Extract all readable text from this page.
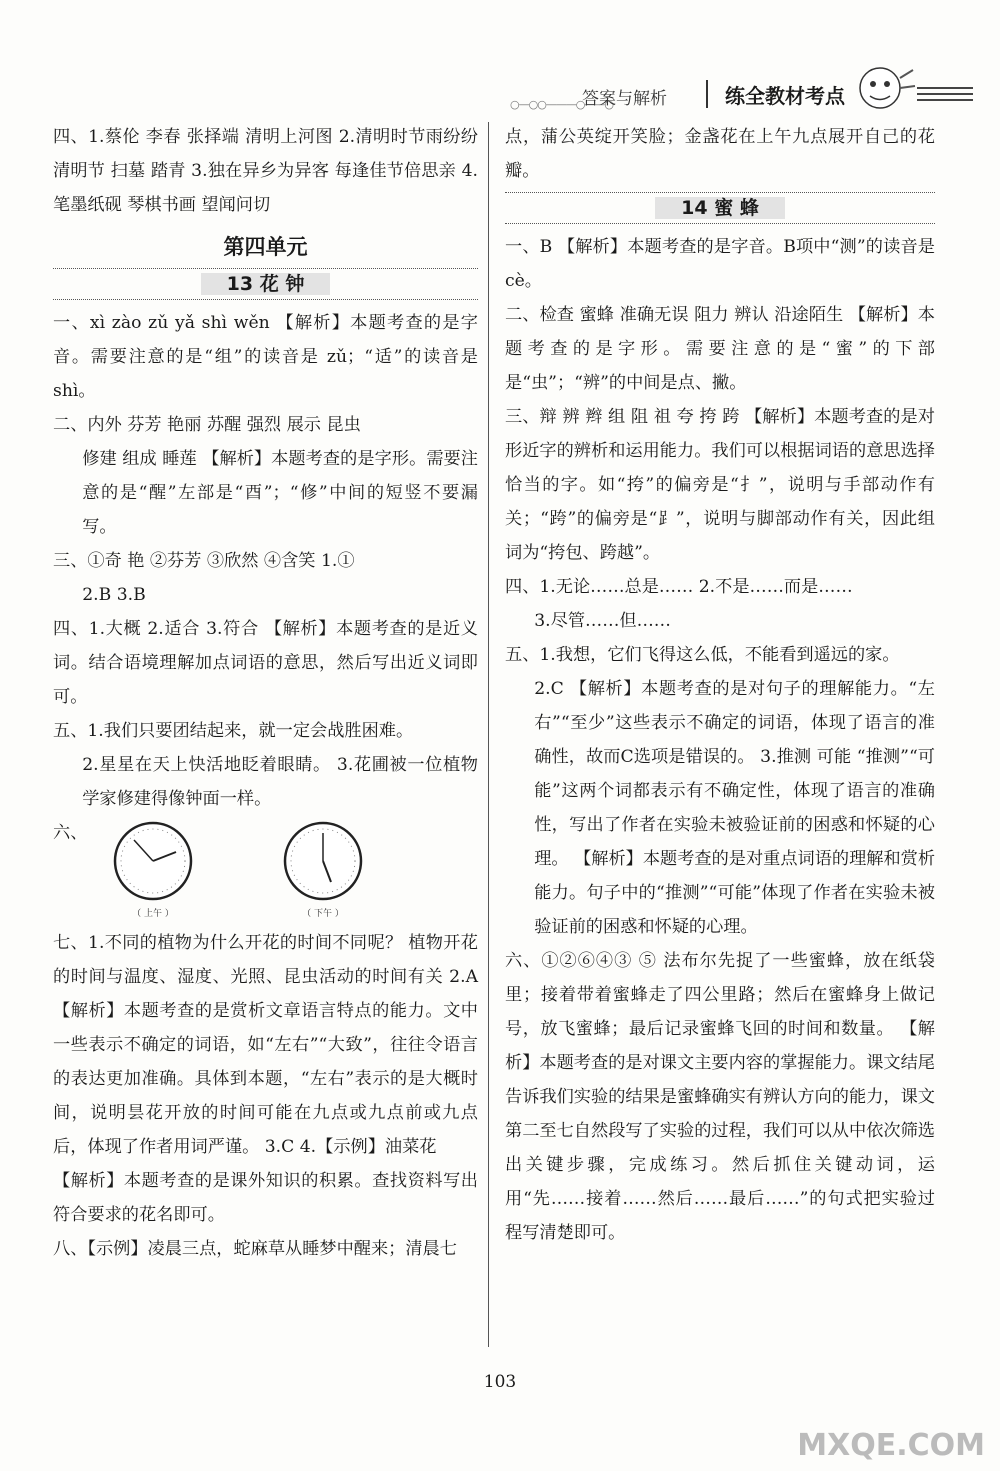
○—○○———○——○
答案与解析	练全教材考点

四、1.蔡伦 李春 张择端 清明上河图 2.清明时节雨纷纷 清明节 扫墓 踏青 3.独在异乡为异客 每逢佳节倍思亲 4.笔墨纸砚 琴棋书画 望闻问切

第四单元
13 花 钟

一、xì zào zǔ yǎ shì wěn 【解析】本题考查的是字音。需要注意的是“组”的读音是 zǔ；“适”的读音是 shì。

二、内外 芬芳 艳丽 苏醒 强烈 展示 昆虫

修建 组成 睡莲 【解析】本题考查的是字形。需要注意的是“醒”左部是“酉”；“修”中间的短竖不要漏写。

三、①奇 艳 ②芬芳 ③欣然 ④含笑 1.①

2.B 3.B

四、1.大概 2.适合 3.符合 【解析】本题考查的是近义词。结合语境理解加点词语的意思，然后写出近义词即可。

五、1.我们只要团结起来，就一定会战胜困难。

2.星星在天上快活地眨着眼睛。 3.花圃被一位植物学家修建得像钟面一样。

六、
（ 上午 ）	（ 下午 ）

七、1.不同的植物为什么开花的时间不同呢？ 植物开花的时间与温度、湿度、光照、昆虫活动的时间有关 2.A 【解析】本题考查的是赏析文章语言特点的能力。文中一些表示不确定的词语，如“左右”“大致”，往往令语言的表达更加准确。具体到本题，“左右”表示的是大概时间，说明昙花开放的时间可能在九点或九点前或九点后，体现了作者用词严谨。 3.C 4.【示例】油菜花

【解析】本题考查的是课外知识的积累。查找资料写出符合要求的花名即可。

八、【示例】凌晨三点，蛇麻草从睡梦中醒来；清晨七

点，蒲公英绽开笑脸；金盏花在上午九点展开自己的花瓣。

14 蜜 蜂

一、B 【解析】本题考查的是字音。B项中“测”的读音是 cè。

二、检查 蜜蜂 准确无误 阻力 辨认 沿途陌生 【解析】本题考查的是字形。需要注意的是“蜜”的下部是“虫”；“辨”的中间是点、撇。

三、辩 辨 辫 组 阻 祖 夸 挎 跨 【解析】本题考查的是对形近字的辨析和运用能力。我们可以根据词语的意思选择恰当的字。如“挎”的偏旁是“扌”，说明与手部动作有关；“跨”的偏旁是“⻊”，说明与脚部动作有关，因此组词为“挎包、跨越”。

四、1.无论……总是…… 2.不是……而是……

3.尽管……但……

五、1.我想，它们飞得这么低，不能看到遥远的家。

2.C 【解析】本题考查的是对句子的理解能力。“左右”“至少”这些表示不确定的词语，体现了语言的准确性，故而C选项是错误的。 3.推测 可能 “推测”“可能”这两个词都表示有不确定性，体现了语言的准确性，写出了作者在实验未被验证前的困惑和怀疑的心理。 【解析】本题考查的是对重点词语的理解和赏析能力。句子中的“推测”“可能”体现了作者在实验未被验证前的困惑和怀疑的心理。

六、①②⑥④③ ⑤ 法布尔先捉了一些蜜蜂，放在纸袋里；接着带着蜜蜂走了四公里路；然后在蜜蜂身上做记号，放飞蜜蜂；最后记录蜜蜂飞回的时间和数量。 【解析】本题考查的是对课文主要内容的掌握能力。课文结尾告诉我们实验的结果是蜜蜂确实有辨认方向的能力，课文第二至七自然段写了实验的过程，我们可以从中依次筛选出关键步骤，完成练习。然后抓住关键动词，运用“先……接着……然后……最后……”的句式把实验过程写清楚即可。

103
MXQE.COM
